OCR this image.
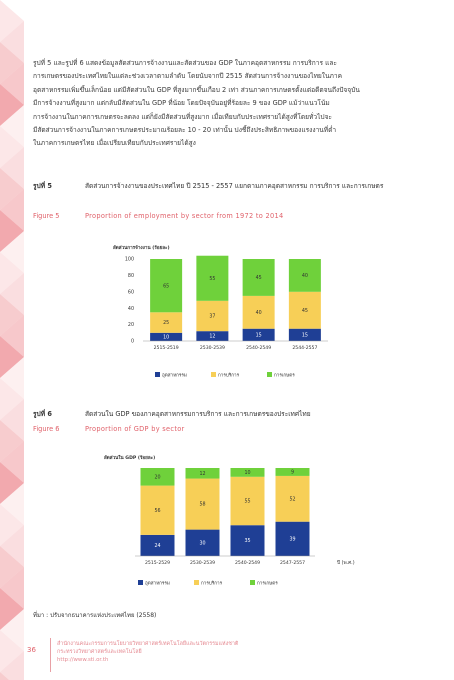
รูปที่ 5 และรูปที่ 6 แสดงข้อมูลสัดส่วนการจ้างงานและสัดส่วนของ GDP ในภาคอุตสาหกรรม การบริการ และ
การเกษตรของประเทศไทยในแต่ละช่วงเวลาตามลำดับ โดยนับจากปี 2515 สัดส่วนการจ้างงานของไทยในภาค
อุตสาหกรรมเพิ่มขึ้นเล็กน้อย แต่มีสัดส่วนใน GDP ที่สูงมากขึ้นเกือบ 2 เท่า ส่วนภาคการเกษตรตั้งแต่อดีตจนถึงปัจจุบัน
มีการจ้างงานที่สูงมาก แต่กลับมีสัดส่วนใน GDP ที่น้อย โดยปัจจุบันอยู่ที่ร้อยละ 9 ของ GDP แม้ว่าแนวโน้ม
การจ้างงานในภาคการเกษตรจะลดลง แต่ก็ยังมีสัดส่วนที่สูงมาก เมื่อเทียบกับประเทศรายได้สูงที่โดยทั่วไปจะ
มีสัดส่วนการจ้างงานในภาคการเกษตรประมาณร้อยละ 10 - 20 เท่านั้น บ่งชี้ถึงประสิทธิภาพของแรงงานที่ต่ำ
ในภาคการเกษตรไทย เมื่อเปรียบเทียบกับประเทศรายได้สูง
รูปที่ 5	สัดส่วนการจ้างงานของประเทศไทย ปี 2515 - 2557 แยกตามภาคอุตสาหกรรม การบริการ และการเกษตร
Figure 5	Proportion of employment by sector from 1972 to 2014
สัดส่วนการจ้างงาน (ร้อยละ)
0
20
40
60
80
100
10
25
65
2515-2519
12
37
55
2530-2539
15
40
45
2540-2549
15
45
40
2544-2557
อุตสาหกรรม	การบริการ	การเกษตร
รูปที่ 6	สัดส่วนใน GDP ของภาคอุตสาหกรรมการบริการ และการเกษตรของประเทศไทย
Figure 6	Proportion of GDP by sector
สัดส่วนใน GDP (ร้อยละ)
24
56
20
2515-2529
30
58
12
2530-2539
35
55
10
2540-2549
39
52
9
2547-2557	ปี (พ.ศ.)
อุตสาหกรรม	การบริการ	การเกษตร
ที่มา : ปรับจากธนาคารแห่งประเทศไทย (2558)
36
สำนักงานคณะกรรมการนโยบายวิทยาศาสตร์เทคโนโลยีและนวัตกรรมแห่งชาติ
กระทรวงวิทยาศาสตร์และเทคโนโลยี
http://www.sti.or.th
